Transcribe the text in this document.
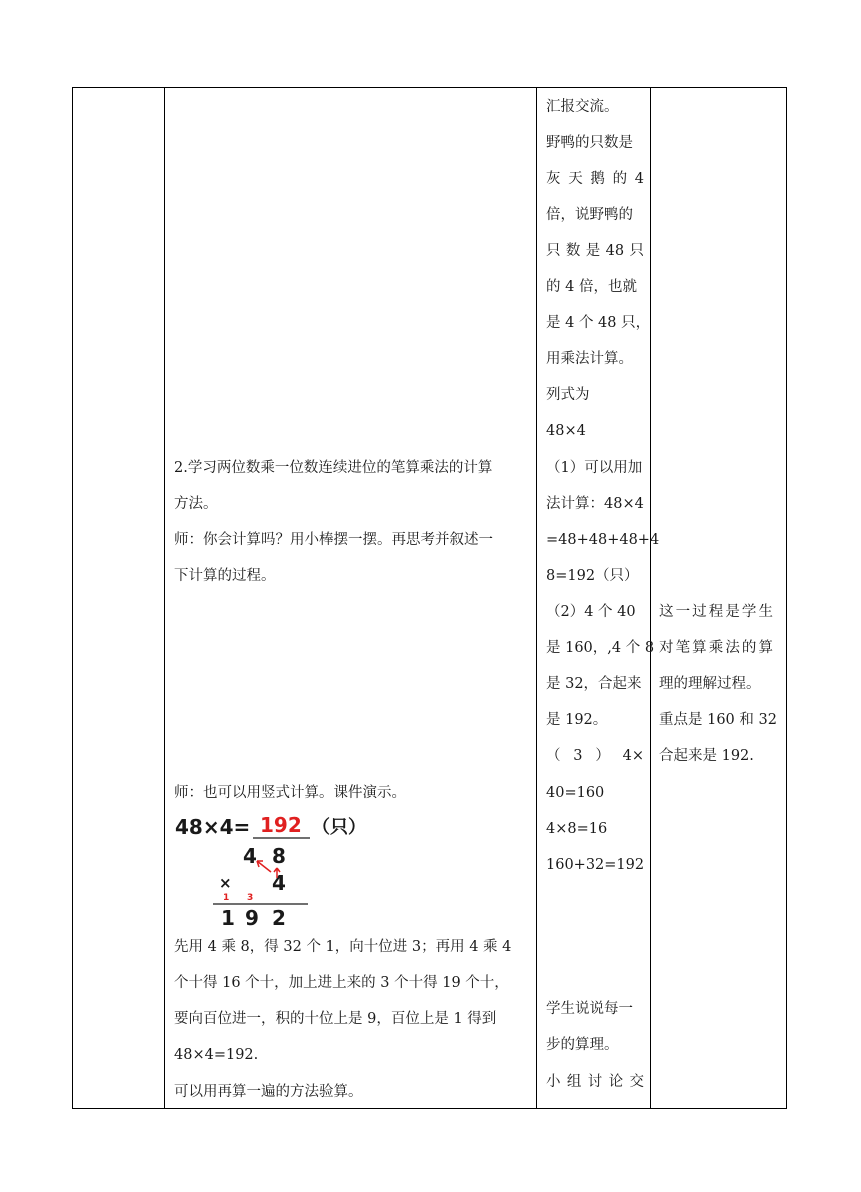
2.学习两位数乘一位数连续进位的笔算乘法的计算
方法。
师：你会计算吗？用小棒摆一摆。再思考并叙述一
下计算的过程。
师：也可以用竖式计算。课件演示。
48×4= 192 （只）
4 8
4
×
1 3
1 9 2
先用 4 乘 8，得 32 个 1，向十位进 3；再用 4 乘 4
个十得 16 个十，加上进上来的 3 个十得 19 个十，
要向百位进一，积的十位上是 9，百位上是 1 得到
48×4=192.
可以用再算一遍的方法验算。
汇报交流。
野鸭的只数是
灰天鹅的4
倍，说野鸭的
只数是48只
的 4 倍，也就
是 4 个 48 只，
用乘法计算。
列式为
48×4
（1）可以用加
法计算：48×4
=48+48+48+4
8=192（只）
（2）4 个 40
是 160，,4 个 8
是 32，合起来
是 192。
（3）4×
40=160
4×8=16
160+32=192
学生说说每一
步的算理。
小组讨论交
这一过程是学生
对笔算乘法的算
理的理解过程。
重点是 160 和 32
合起来是 192.
